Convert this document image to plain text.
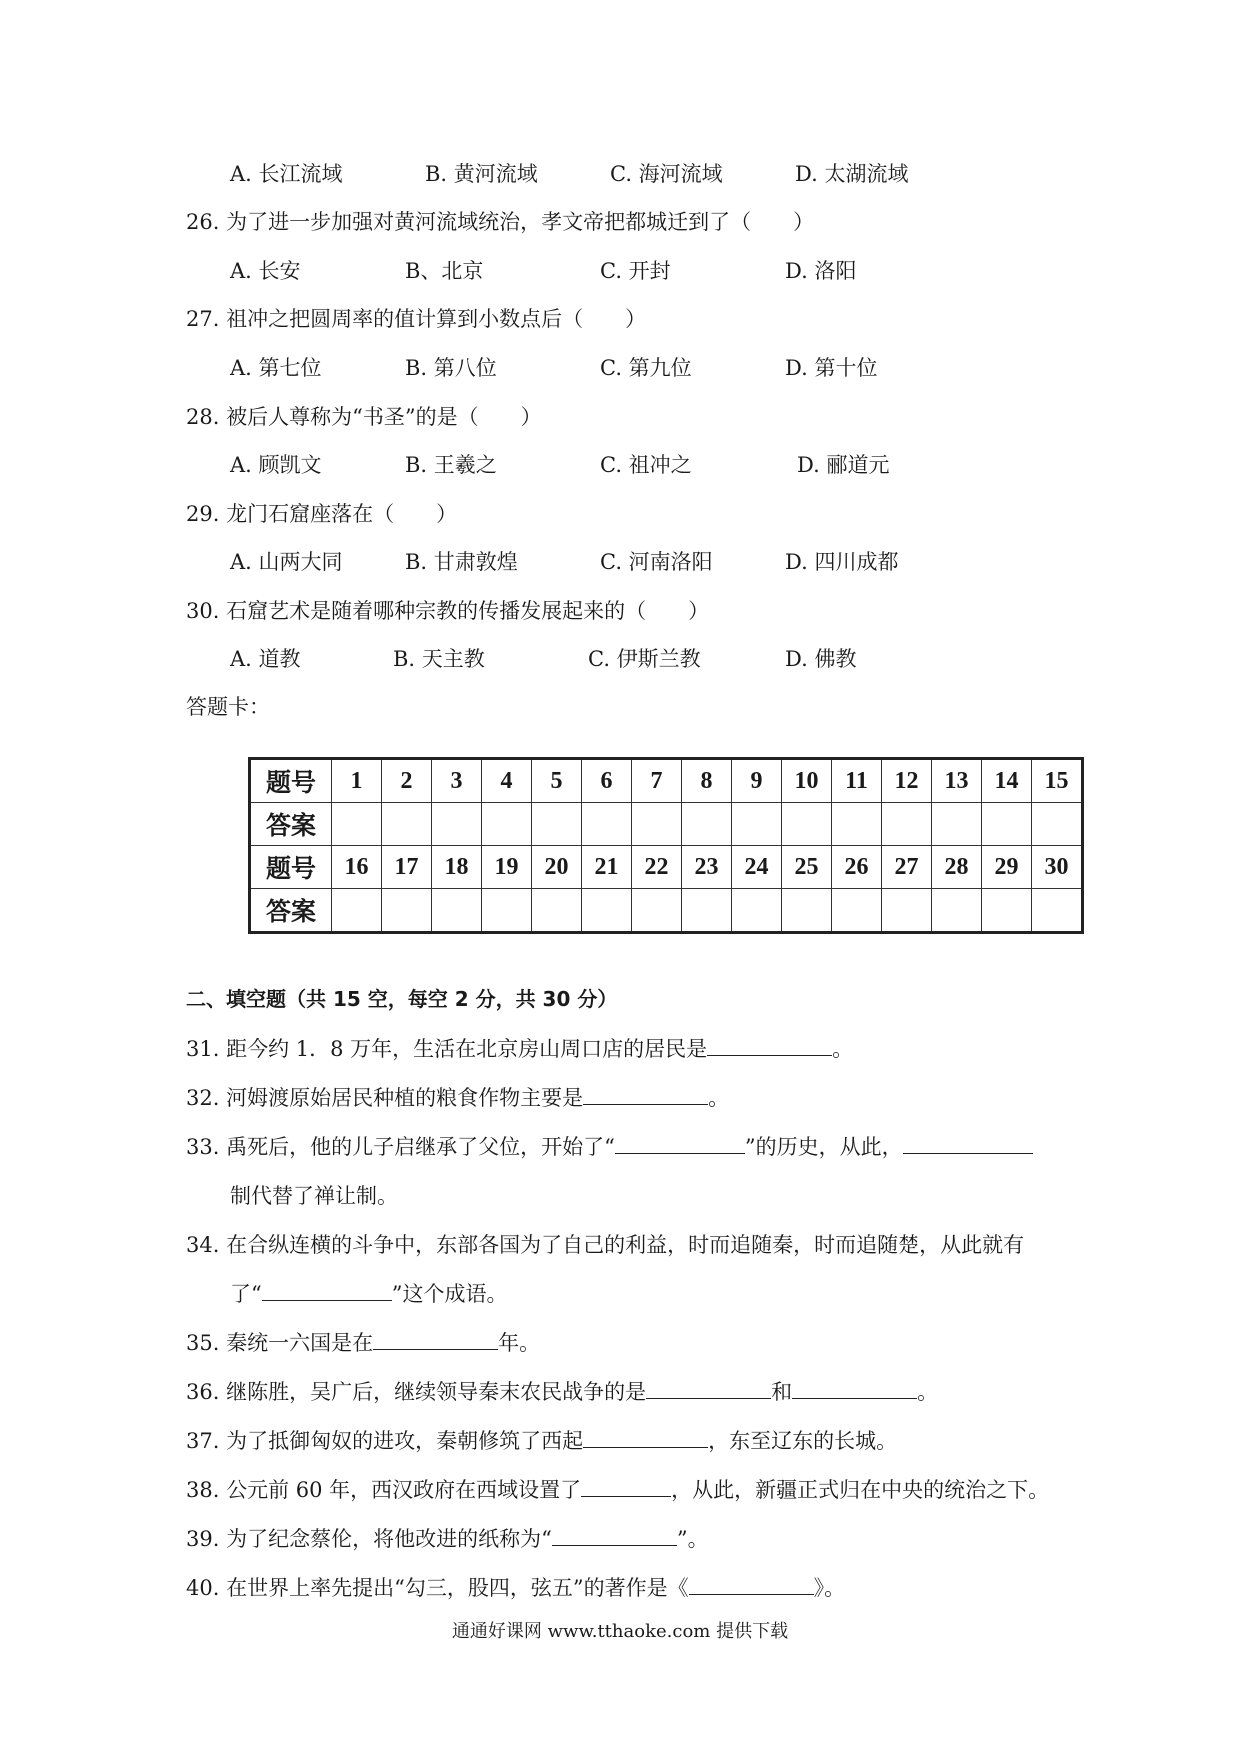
A. 长江流域	B. 黄河流域	C. 海河流域	D. 太湖流域
26. 为了进一步加强对黄河流域统治，孝文帝把都城迁到了（　　）
A. 长安	B、北京	C. 开封	D. 洛阳
27. 祖冲之把圆周率的值计算到小数点后（　　）
A. 第七位	B. 第八位	C. 第九位	D. 第十位
28. 被后人尊称为“书圣”的是（　　）
A. 顾凯文	B. 王羲之	C. 祖冲之	D. 郦道元
29. 龙门石窟座落在（　　）
A. 山两大同	B. 甘肃敦煌	C. 河南洛阳	D. 四川成都
30. 石窟艺术是随着哪种宗教的传播发展起来的（　　）
A. 道教	B. 天主教	C. 伊斯兰教	D. 佛教
答题卡：
题号	1	2	3	4	5	6	7	8	9	10	11	12	13	14	15
答案															
题号	16	17	18	19	20	21	22	23	24	25	26	27	28	29	30
答案															
二、填空题（共 15 空，每空 2 分，共 30 分）
31. 距今约 1．8 万年，生活在北京房山周口店的居民是	。
32. 河姆渡原始居民种植的粮食作物主要是	。
33. 禹死后，他的儿子启继承了父位，开始了“	”的历史，从此，
制代替了禅让制。
34. 在合纵连横的斗争中，东部各国为了自己的利益，时而追随秦，时而追随楚，从此就有
了“	”这个成语。
35. 秦统一六国是在	年。
36. 继陈胜，吴广后，继续领导秦末农民战争的是	和	。
37. 为了抵御匈奴的进攻，秦朝修筑了西起	，东至辽东的长城。
38. 公元前 60 年，西汉政府在西域设置了	，从此，新疆正式归在中央的统治之下。
39. 为了纪念蔡伦，将他改进的纸称为“	”。
40. 在世界上率先提出“勾三，股四，弦五”的著作是《	》。
通通好课网 www.tthaoke.com 提供下载
